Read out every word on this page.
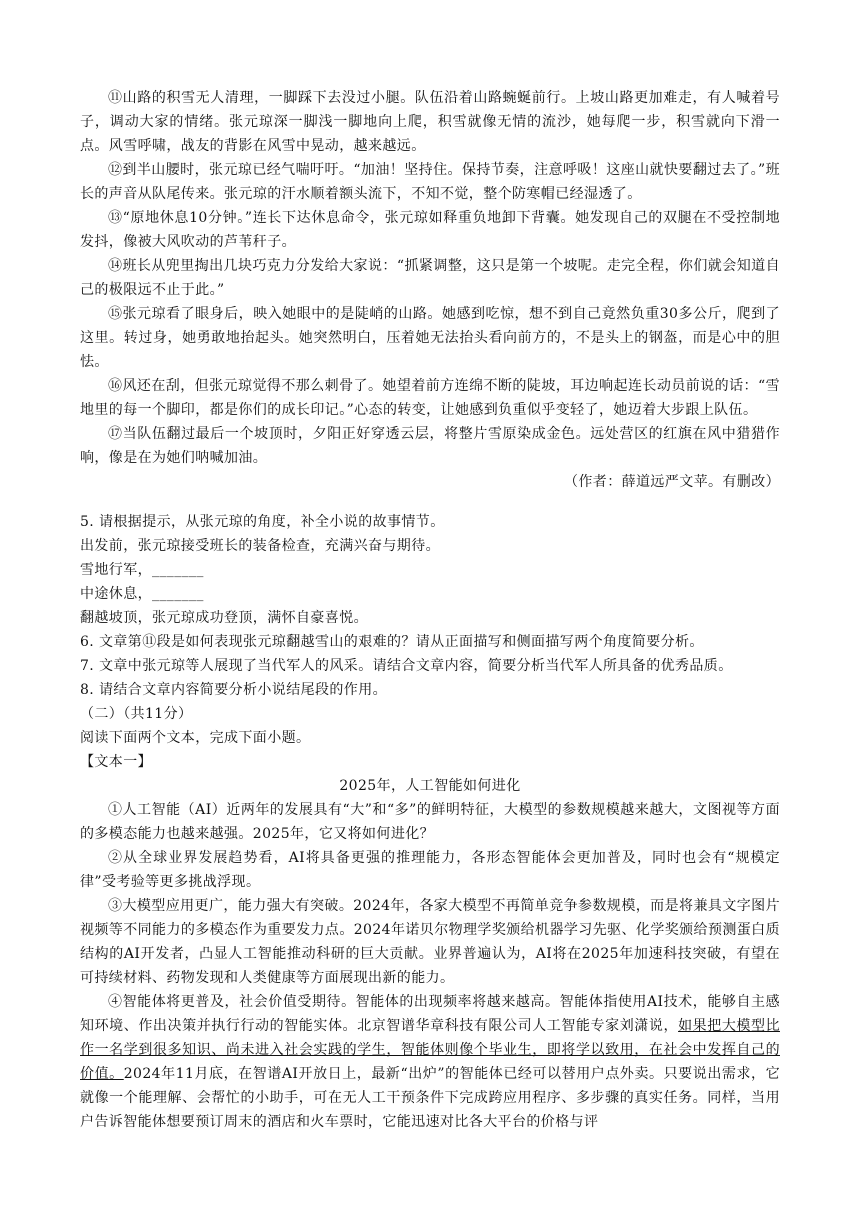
⑪山路的积雪无人清理，一脚踩下去没过小腿。队伍沿着山路蜿蜒前行。上坡山路更加难走，有人喊着号子，调动大家的情绪。张元琼深一脚浅一脚地向上爬，积雪就像无情的流沙，她每爬一步，积雪就向下滑一点。风雪呼啸，战友的背影在风雪中晃动，越来越远。

⑫到半山腰时，张元琼已经气喘吁吁。“加油！坚持住。保持节奏，注意呼吸！这座山就快要翻过去了。”班长的声音从队尾传来。张元琼的汗水顺着额头流下，不知不觉，整个防寒帽已经湿透了。

⑬“原地休息10分钟。”连长下达休息命令，张元琼如释重负地卸下背囊。她发现自己的双腿在不受控制地发抖，像被大风吹动的芦苇秆子。

⑭班长从兜里掏出几块巧克力分发给大家说：“抓紧调整，这只是第一个坡呢。走完全程，你们就会知道自己的极限远不止于此。”

⑮张元琼看了眼身后，映入她眼中的是陡峭的山路。她感到吃惊，想不到自己竟然负重30多公斤，爬到了这里。转过身，她勇敢地抬起头。她突然明白，压着她无法抬头看向前方的，不是头上的钢盔，而是心中的胆怯。

⑯风还在刮，但张元琼觉得不那么刺骨了。她望着前方连绵不断的陡坡，耳边响起连长动员前说的话：“雪地里的每一个脚印，都是你们的成长印记。”心态的转变，让她感到负重似乎变轻了，她迈着大步跟上队伍。

⑰当队伍翻过最后一个坡顶时，夕阳正好穿透云层，将整片雪原染成金色。远处营区的红旗在风中猎猎作响，像是在为她们呐喊加油。

（作者：薛道远严文苹。有删改）

5. 请根据提示，从张元琼的角度，补全小说的故事情节。

出发前，张元琼接受班长的装备检查，充满兴奋与期待。

雪地行军，_______

中途休息，_______

翻越坡顶，张元琼成功登顶，满怀自豪喜悦。

6. 文章第⑪段是如何表现张元琼翻越雪山的艰难的？请从正面描写和侧面描写两个角度简要分析。

7. 文章中张元琼等人展现了当代军人的风采。请结合文章内容，简要分析当代军人所具备的优秀品质。

8. 请结合文章内容简要分析小说结尾段的作用。

（二）（共11分）

阅读下面两个文本，完成下面小题。

【文本一】

2025年，人工智能如何进化

①人工智能（AI）近两年的发展具有“大”和“多”的鲜明特征，大模型的参数规模越来越大，文图视等方面的多模态能力也越来越强。2025年，它又将如何进化？

②从全球业界发展趋势看，AI将具备更强的推理能力，各形态智能体会更加普及，同时也会有“规模定律”受考验等更多挑战浮现。

③大模型应用更广，能力强大有突破。2024年，各家大模型不再简单竞争参数规模，而是将兼具文字图片视频等不同能力的多模态作为重要发力点。2024年诺贝尔物理学奖颁给机器学习先驱、化学奖颁给预测蛋白质结构的AI开发者，凸显人工智能推动科研的巨大贡献。业界普遍认为，AI将在2025年加速科技突破，有望在可持续材料、药物发现和人类健康等方面展现出新的能力。

④智能体将更普及，社会价值受期待。智能体的出现频率将越来越高。智能体指使用AI技术，能够自主感知环境、作出决策并执行行动的智能实体。北京智谱华章科技有限公司人工智能专家刘潇说，如果把大模型比作一名学到很多知识、尚未进入社会实践的学生，智能体则像个毕业生，即将学以致用，在社会中发挥自己的价值。2024年11月底，在智谱AI开放日上，最新“出炉”的智能体已经可以替用户点外卖。只要说出需求，它就像一个能理解、会帮忙的小助手，可在无人工干预条件下完成跨应用程序、多步骤的真实任务。同样，当用户告诉智能体想要预订周末的酒店和火车票时，它能迅速对比各大平台的价格与评
